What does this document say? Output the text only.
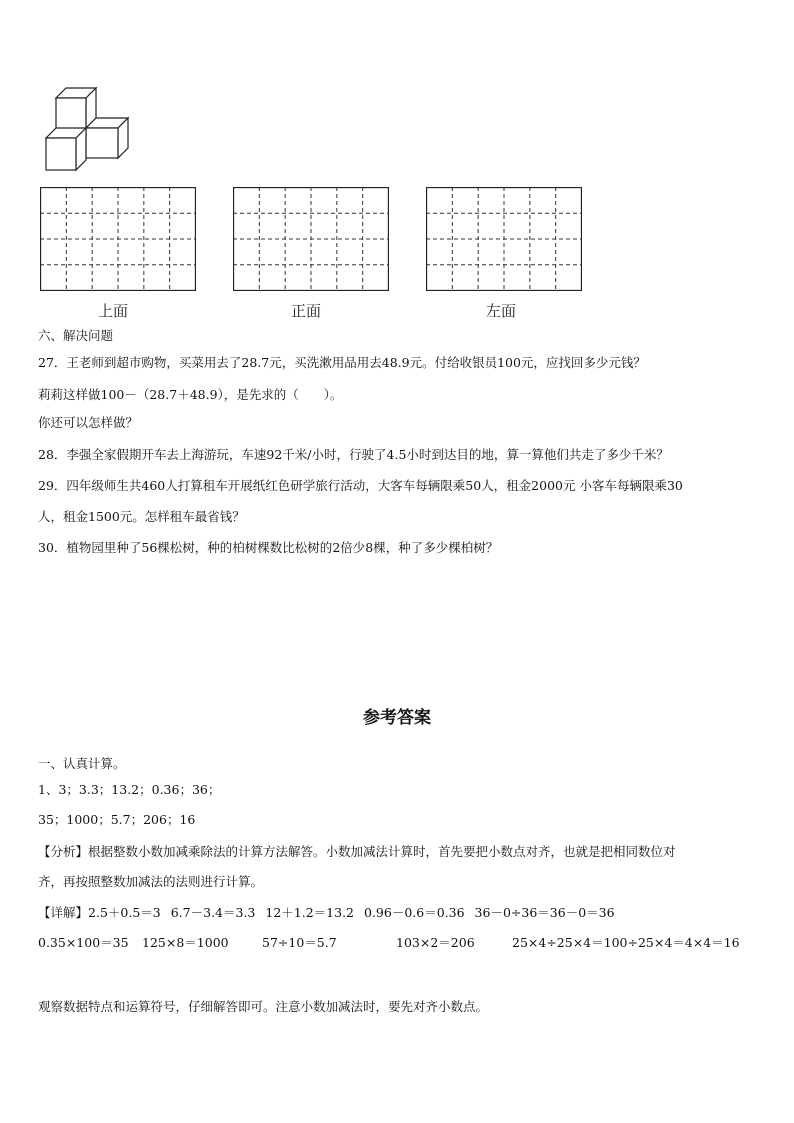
上面	正面	左面
六、解决问题
27．王老师到超市购物，买菜用去了28.7元，买洗漱用品用去48.9元。付给收银员100元，应找回多少元钱？
莉莉这样做100－（28.7＋48.9），是先求的（　　）。
你还可以怎样做？
28．李强全家假期开车去上海游玩，车速92千米/小时，行驶了4.5小时到达目的地，算一算他们共走了多少千米？
29．四年级师生共460人打算租车开展纸红色研学旅行活动，大客车每辆限乘50人，租金2000元 小客车每辆限乘30
人，租金1500元。怎样租车最省钱？
30．植物园里种了56棵松树，种的柏树棵数比松树的2倍少8棵，种了多少棵柏树？
参考答案
一、认真计算。
1、3；3.3；13.2；0.36；36；
35；1000；5.7；206；16
【分析】根据整数小数加减乘除法的计算方法解答。小数加减法计算时，首先要把小数点对齐，也就是把相同数位对
齐，再按照整数加减法的法则进行计算。
【详解】2.5＋0.5＝3 6.7－3.4＝3.3 12＋1.2＝13.2 0.96－0.6＝0.36 36－0÷36＝36－0＝36
0.35×100＝35 125×8＝1000	57÷10＝5.7	103×2＝206	25×4÷25×4＝100÷25×4＝4×4＝16
观察数据特点和运算符号，仔细解答即可。注意小数加减法时，要先对齐小数点。
